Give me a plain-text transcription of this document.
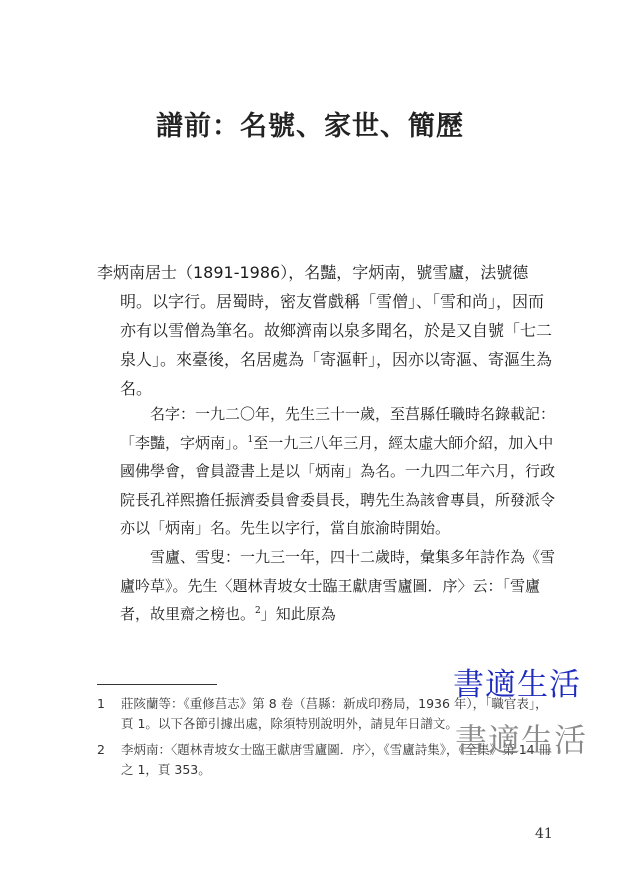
譜前：名號、家世、簡歷

李炳南居士（1891-1986），名豔，字炳南，號雪廬，法號德明。以字行。居蜀時，密友嘗戲稱「雪僧」、「雪和尚」，因而亦有以雪僧為筆名。故鄉濟南以泉多聞名，於是又自號「七二泉人」。來臺後，名居處為「寄漚軒」，因亦以寄漚、寄漚生為名。

名字：一九二〇年，先生三十一歲，至莒縣任職時名錄載記：「李豔，字炳南」。$^1$至一九三八年三月，經太虛大師介紹，加入中國佛學會，會員證書上是以「炳南」為名。一九四二年六月，行政院長孔祥熙擔任振濟委員會委員長，聘先生為該會專員，所發派令亦以「炳南」名。先生以字行，當自旅渝時開始。

雪廬、雪叟：一九三一年，四十二歲時，彙集多年詩作為《雪廬吟草》。先生〈題林青坡女士臨王獻唐雪廬圖．序〉云：「雪廬者，故里齋之榜也。$^2$」知此原為

1 莊陔蘭等：《重修莒志》第 8 卷（莒縣：新成印務局，1936 年），「職官表」，頁 1。以下各節引據出處，除須特別說明外，請見年日譜文。
2 李炳南：〈題林青坡女士臨王獻唐雪廬圖．序〉，《雪廬詩集》，《全集》第 14 冊之 1，頁 353。
書適生活
書適生活
41
